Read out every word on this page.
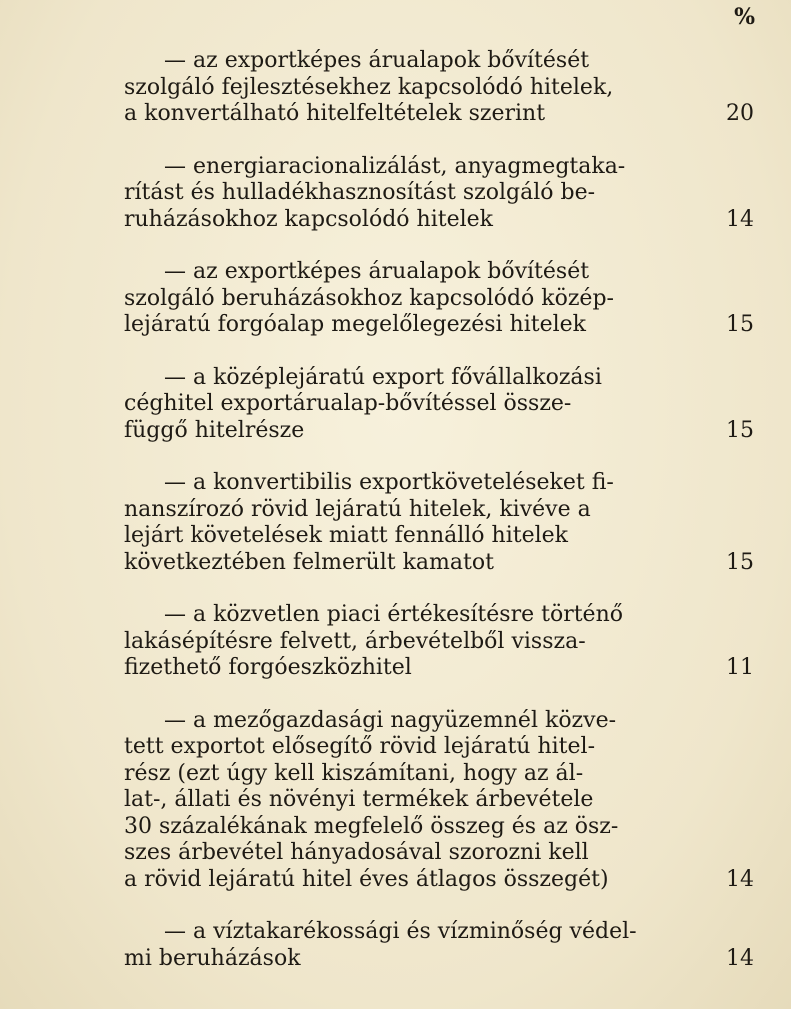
%
— az exportképes árualapok bővítését
szolgáló fejlesztésekhez kapcsolódó hitelek,
a konvertálható hitelfeltételek szerint	20
— energiaracionalizálást, anyagmegtaka-
rítást és hulladékhasznosítást szolgáló be-
ruházásokhoz kapcsolódó hitelek	14
— az exportképes árualapok bővítését
szolgáló beruházásokhoz kapcsolódó közép-
lejáratú forgóalap megelőlegezési hitelek	15
— a középlejáratú export fővállalkozási
céghitel exportárualap-bővítéssel össze-
függő hitelrésze	15
— a konvertibilis exportköveteléseket fi-
nanszírozó rövid lejáratú hitelek, kivéve a
lejárt követelések miatt fennálló hitelek
következtében felmerült kamatot	15
— a közvetlen piaci értékesítésre történő
lakásépítésre felvett, árbevételből vissza-
fizethető forgóeszközhitel	11
— a mezőgazdasági nagyüzemnél közve-
tett exportot elősegítő rövid lejáratú hitel-
rész (ezt úgy kell kiszámítani, hogy az ál-
lat-, állati és növényi termékek árbevétele
30 százalékának megfelelő összeg és az ösz-
szes árbevétel hányadosával szorozni kell
a rövid lejáratú hitel éves átlagos összegét)	14
— a víztakarékossági és vízminőség védel-
mi beruházások	14
